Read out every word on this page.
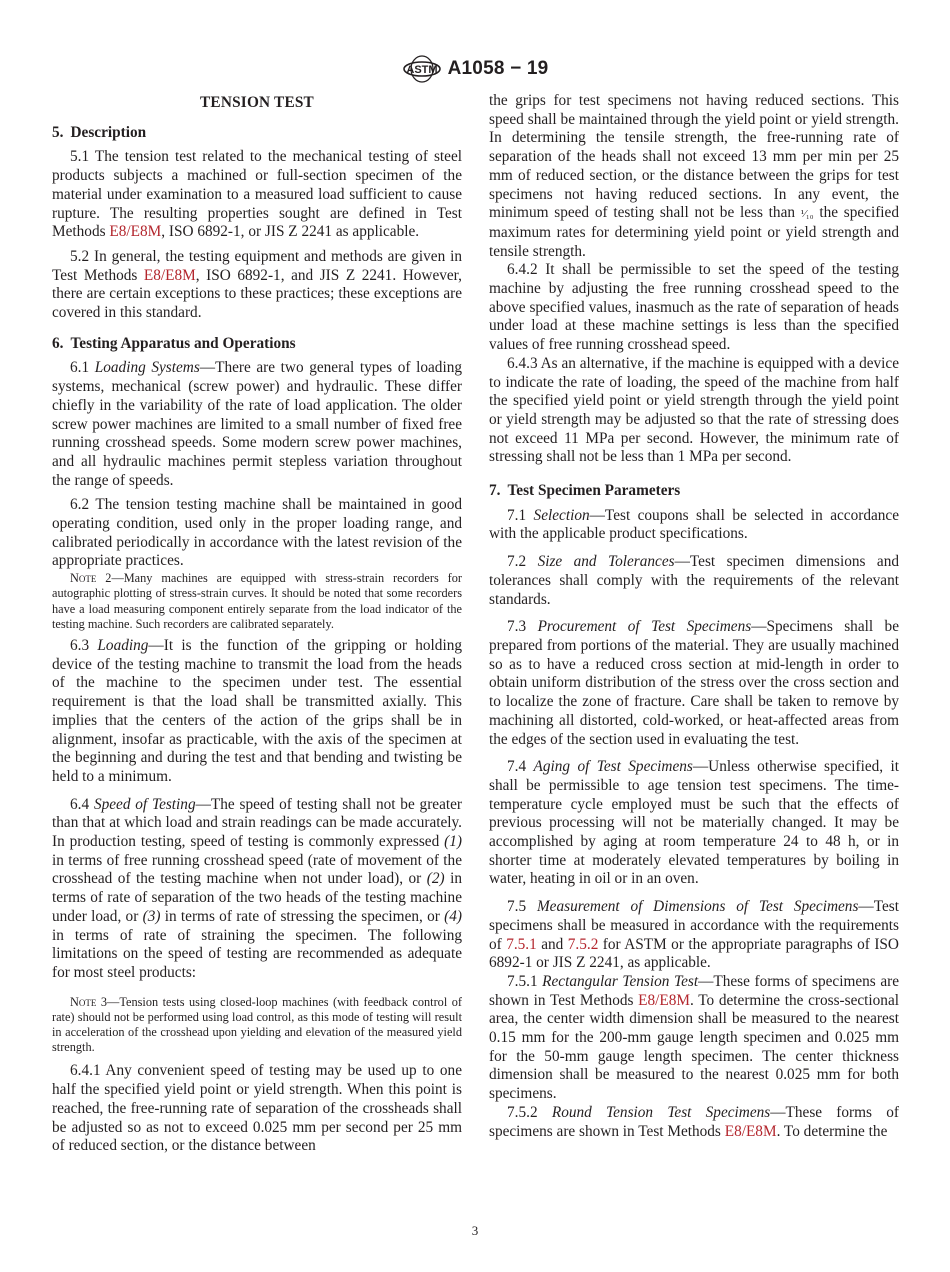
ASTM A1058 − 19
TENSION TEST
5. Description

5.1 The tension test related to the mechanical testing of steel products subjects a machined or full-section specimen of the material under examination to a measured load sufficient to cause rupture. The resulting properties sought are defined in Test Methods E8/E8M, ISO 6892-1, or JIS Z 2241 as applicable.

5.2 In general, the testing equipment and methods are given in Test Methods E8/E8M, ISO 6892-1, and JIS Z 2241. However, there are certain exceptions to these practices; these exceptions are covered in this standard.

6. Testing Apparatus and Operations

6.1 Loading Systems—There are two general types of loading systems, mechanical (screw power) and hydraulic. These differ chiefly in the variability of the rate of load application. The older screw power machines are limited to a small number of fixed free running crosshead speeds. Some modern screw power machines, and all hydraulic machines permit stepless variation throughout the range of speeds.

6.2 The tension testing machine shall be maintained in good operating condition, used only in the proper loading range, and calibrated periodically in accordance with the latest revision of the appropriate practices.

Note 2—Many machines are equipped with stress-strain recorders for autographic plotting of stress-strain curves. It should be noted that some recorders have a load measuring component entirely separate from the load indicator of the testing machine. Such recorders are calibrated separately.

6.3 Loading—It is the function of the gripping or holding device of the testing machine to transmit the load from the heads of the machine to the specimen under test. The essential requirement is that the load shall be transmitted axially. This implies that the centers of the action of the grips shall be in alignment, insofar as practicable, with the axis of the specimen at the beginning and during the test and that bending and twisting be held to a minimum.

6.4 Speed of Testing—The speed of testing shall not be greater than that at which load and strain readings can be made accurately. In production testing, speed of testing is commonly expressed (1) in terms of free running crosshead speed (rate of movement of the crosshead of the testing machine when not under load), or (2) in terms of rate of separation of the two heads of the testing machine under load, or (3) in terms of rate of stressing the specimen, or (4) in terms of rate of straining the specimen. The following limitations on the speed of testing are recommended as adequate for most steel products:

Note 3—Tension tests using closed-loop machines (with feedback control of rate) should not be performed using load control, as this mode of testing will result in acceleration of the crosshead upon yielding and elevation of the measured yield strength.

6.4.1 Any convenient speed of testing may be used up to one half the specified yield point or yield strength. When this point is reached, the free-running rate of separation of the crossheads shall be adjusted so as not to exceed 0.025 mm per second per 25 mm of reduced section, or the distance between

the grips for test specimens not having reduced sections. This speed shall be maintained through the yield point or yield strength. In determining the tensile strength, the free-running rate of separation of the heads shall not exceed 13 mm per min per 25 mm of reduced section, or the distance between the grips for test specimens not having reduced sections. In any event, the minimum speed of testing shall not be less than ¹⁄₁₀ the specified maximum rates for determining yield point or yield strength and tensile strength.

6.4.2 It shall be permissible to set the speed of the testing machine by adjusting the free running crosshead speed to the above specified values, inasmuch as the rate of separation of heads under load at these machine settings is less than the specified values of free running crosshead speed.

6.4.3 As an alternative, if the machine is equipped with a device to indicate the rate of loading, the speed of the machine from half the specified yield point or yield strength through the yield point or yield strength may be adjusted so that the rate of stressing does not exceed 11 MPa per second. However, the minimum rate of stressing shall not be less than 1 MPa per second.

7. Test Specimen Parameters

7.1 Selection—Test coupons shall be selected in accordance with the applicable product specifications.

7.2 Size and Tolerances—Test specimen dimensions and tolerances shall comply with the requirements of the relevant standards.

7.3 Procurement of Test Specimens—Specimens shall be prepared from portions of the material. They are usually machined so as to have a reduced cross section at mid-length in order to obtain uniform distribution of the stress over the cross section and to localize the zone of fracture. Care shall be taken to remove by machining all distorted, cold-worked, or heat-affected areas from the edges of the section used in evaluating the test.

7.4 Aging of Test Specimens—Unless otherwise specified, it shall be permissible to age tension test specimens. The time-temperature cycle employed must be such that the effects of previous processing will not be materially changed. It may be accomplished by aging at room temperature 24 to 48 h, or in shorter time at moderately elevated temperatures by boiling in water, heating in oil or in an oven.

7.5 Measurement of Dimensions of Test Specimens—Test specimens shall be measured in accordance with the requirements of 7.5.1 and 7.5.2 for ASTM or the appropriate paragraphs of ISO 6892-1 or JIS Z 2241, as applicable.

7.5.1 Rectangular Tension Test—These forms of specimens are shown in Test Methods E8/E8M. To determine the cross-sectional area, the center width dimension shall be measured to the nearest 0.15 mm for the 200-mm gauge length specimen and 0.025 mm for the 50-mm gauge length specimen. The center thickness dimension shall be measured to the nearest 0.025 mm for both specimens.

7.5.2 Round Tension Test Specimens—These forms of specimens are shown in Test Methods E8/E8M. To determine the

3
